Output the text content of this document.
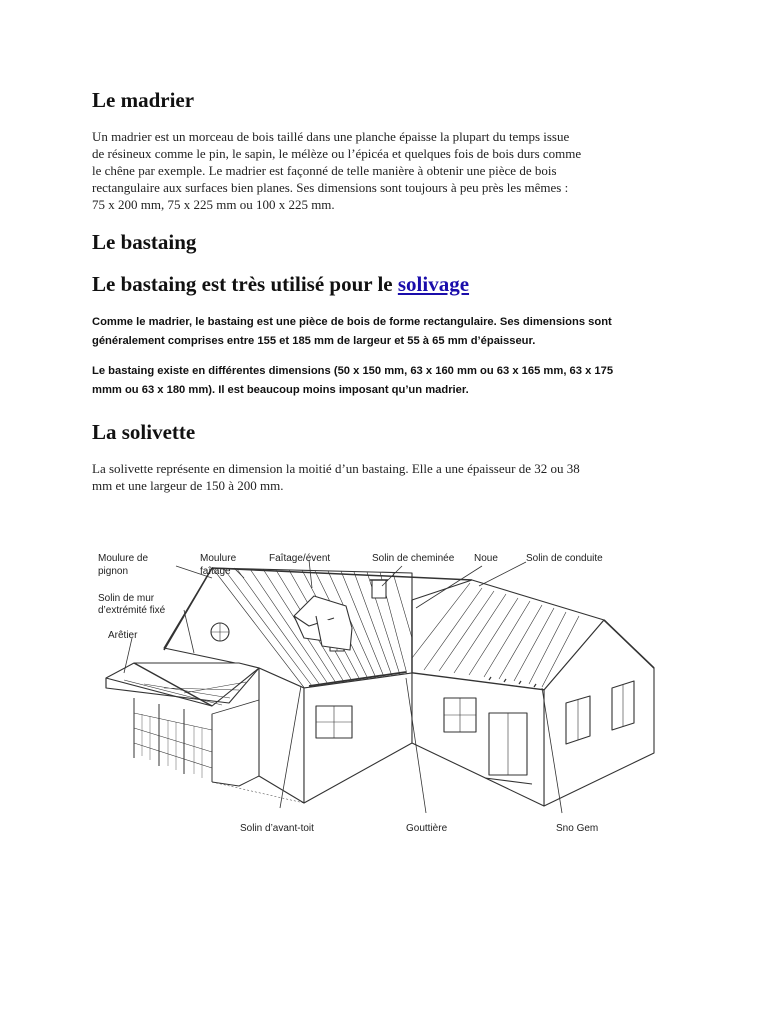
Le madrier

Un madrier est un morceau de bois taillé dans une planche épaisse la plupart du temps issue
de résineux comme le pin, le sapin, le mélèze ou l’épicéa et quelques fois de bois durs comme
le chêne par exemple. Le madrier est façonné de telle manière à obtenir une pièce de bois
rectangulaire aux surfaces bien planes. Ses dimensions sont toujours à peu près les mêmes :
75 x 200 mm, 75 x 225 mm ou 100 x 225 mm.

Le bastaing
Le bastaing est très utilisé pour le solivage

Comme le madrier, le bastaing est une pièce de bois de forme rectangulaire. Ses dimensions sont
généralement comprises entre 155 et 185 mm de largeur et 55 à 65 mm d’épaisseur.

Le bastaing existe en différentes dimensions (50 x 150 mm, 63 x 160 mm ou 63 x 165 mm, 63 x 175
mmm ou 63 x 180 mm). Il est beaucoup moins imposant qu’un madrier.

La solivette

La solivette représente en dimension la moitié d’un bastaing. Elle a une épaisseur de 32 ou 38
mm et une largeur de 150 à 200 mm.

Moulure de
pignon
Moulure
faîtage
Faîtage/évent	Solin de cheminée Noue	Solin de conduite
Solin de mur
d’extrémité fixé
Arêtier
Solin d’avant-toit	Gouttière	Sno Gem
